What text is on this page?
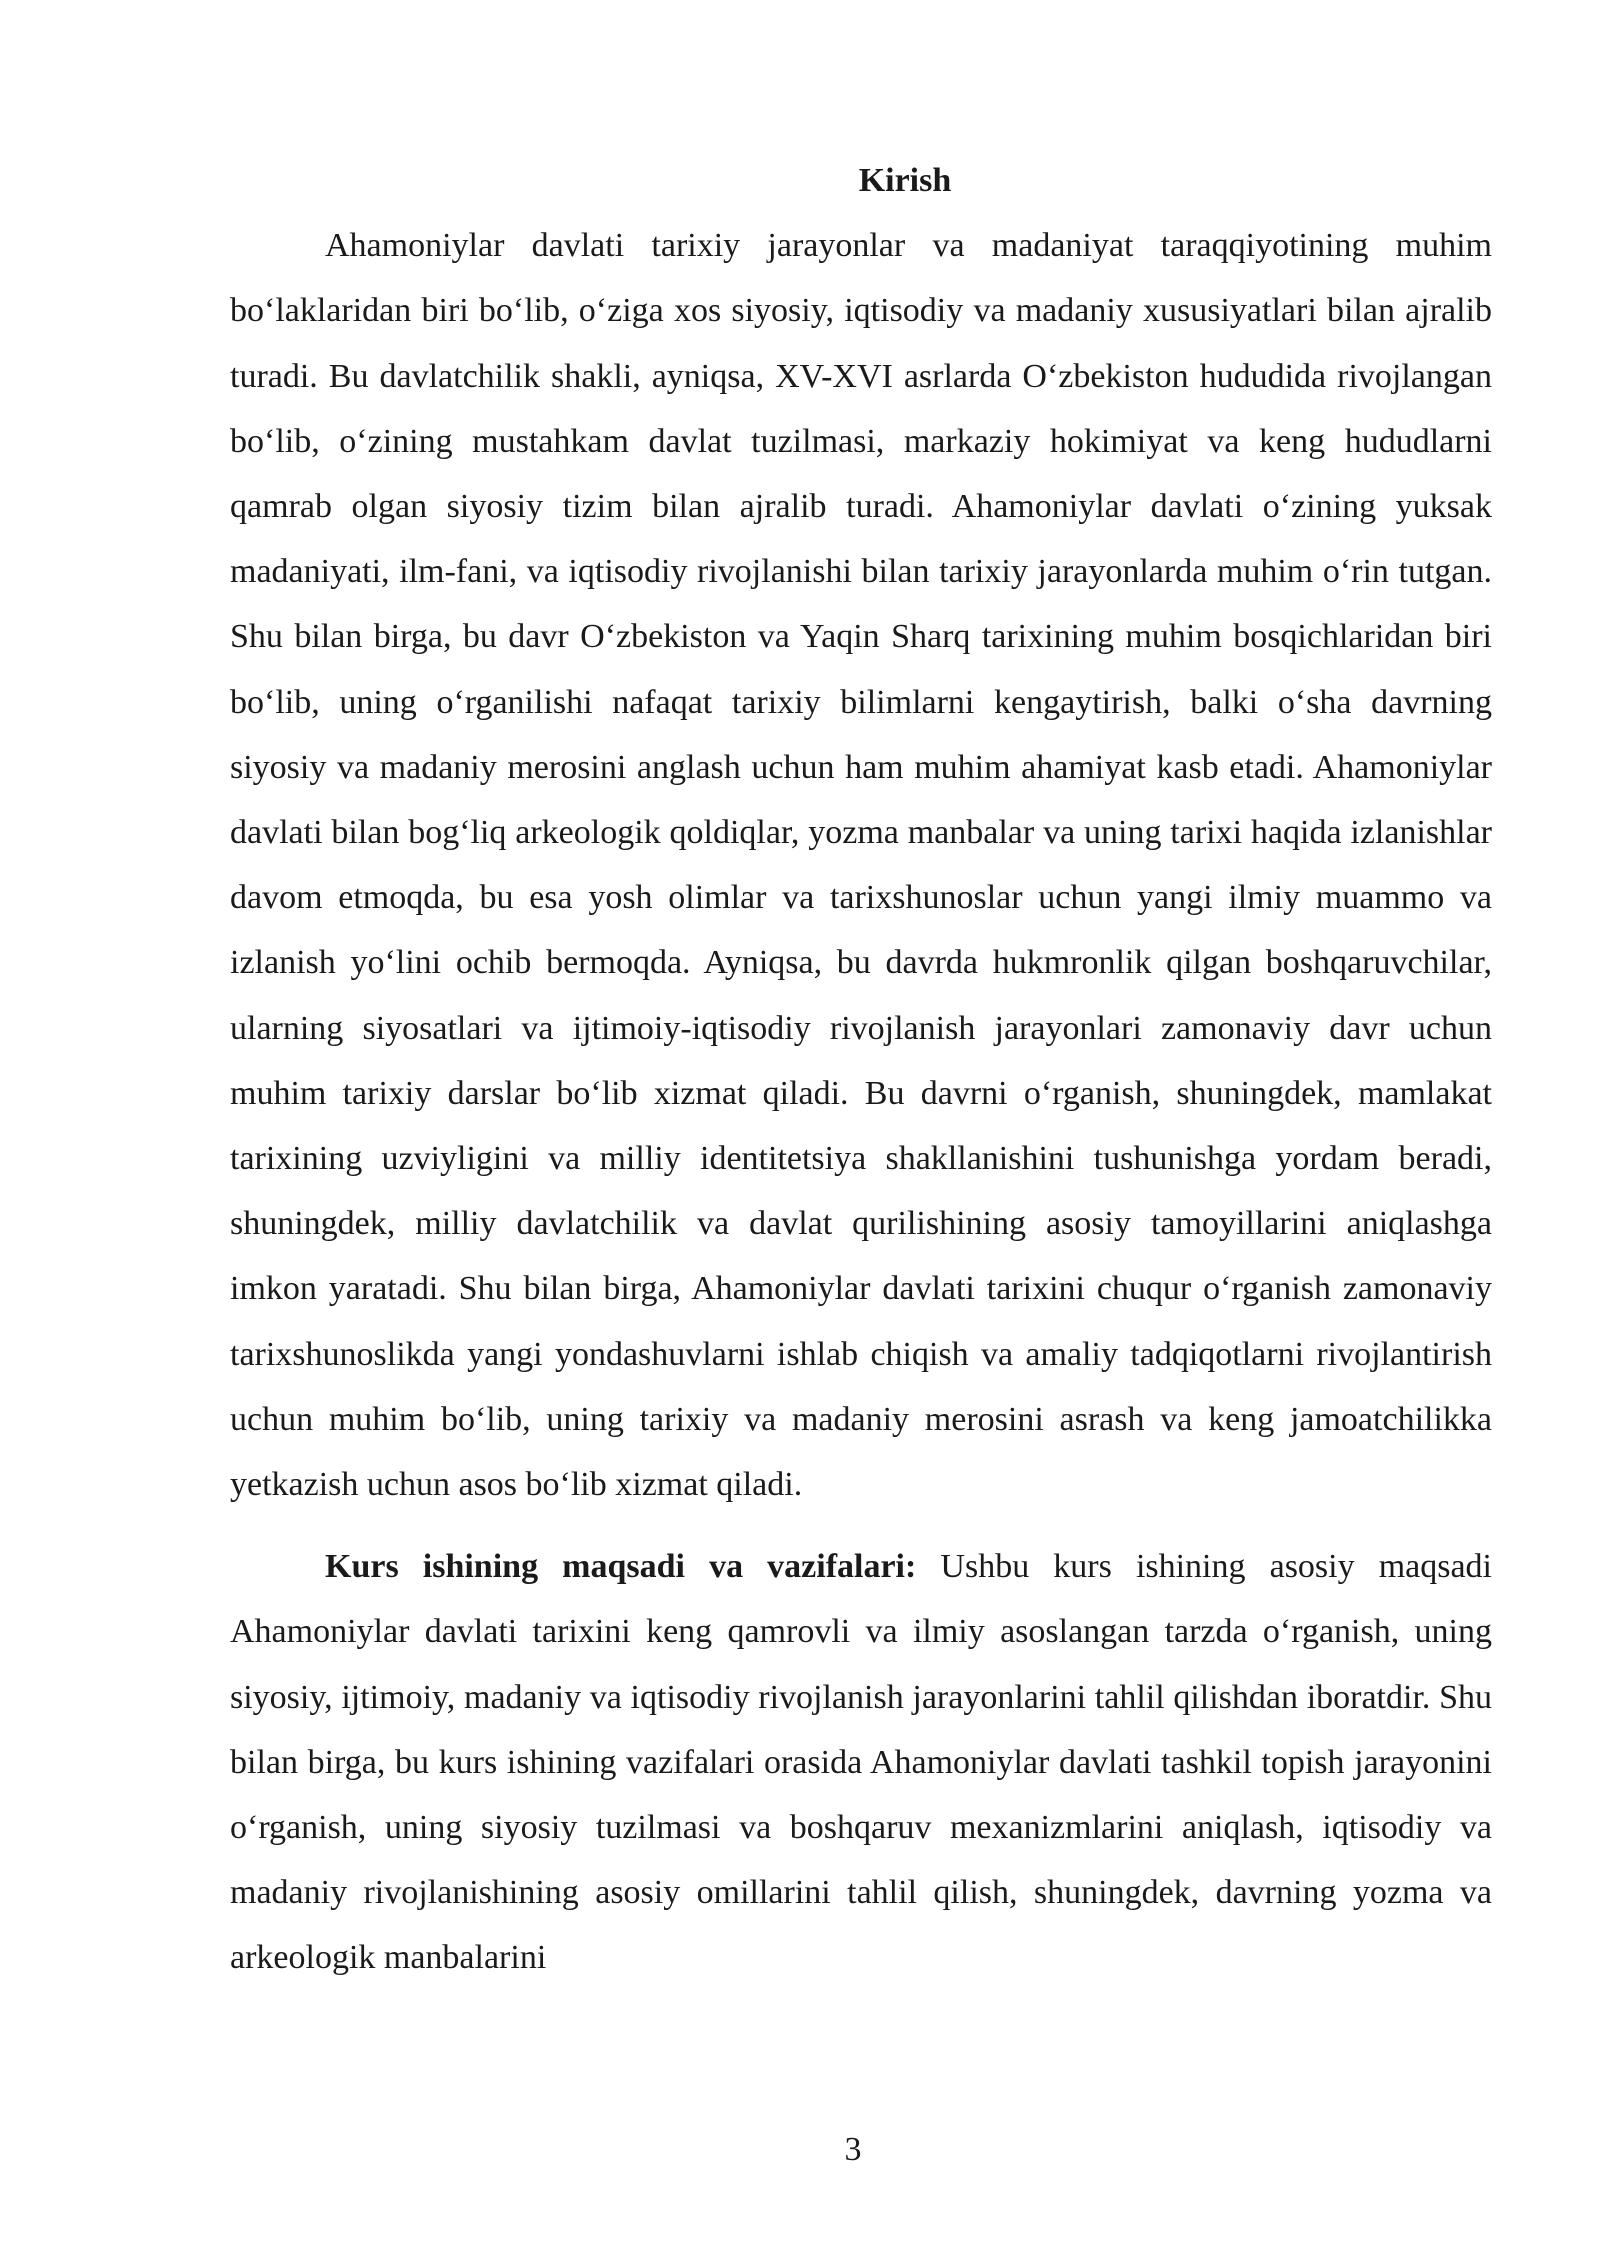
Kirish

Ahamoniylar davlati tarixiy jarayonlar va madaniyat taraqqiyotining muhim bo‘laklaridan biri bo‘lib, o‘ziga xos siyosiy, iqtisodiy va madaniy xususiyatlari bilan ajralib turadi. Bu davlatchilik shakli, ayniqsa, XV-XVI asrlarda O‘zbekiston hududida rivojlangan bo‘lib, o‘zining mustahkam davlat tuzilmasi, markaziy hokimiyat va keng hududlarni qamrab olgan siyosiy tizim bilan ajralib turadi. Ahamoniylar davlati o‘zining yuksak madaniyati, ilm-fani, va iqtisodiy rivojlanishi bilan tarixiy jarayonlarda muhim o‘rin tutgan. Shu bilan birga, bu davr O‘zbekiston va Yaqin Sharq tarixining muhim bosqichlaridan biri bo‘lib, uning o‘rganilishi nafaqat tarixiy bilimlarni kengaytirish, balki o‘sha davrning siyosiy va madaniy merosini anglash uchun ham muhim ahamiyat kasb etadi. Ahamoniylar davlati bilan bog‘liq arkeologik qoldiqlar, yozma manbalar va uning tarixi haqida izlanishlar davom etmoqda, bu esa yosh olimlar va tarixshunoslar uchun yangi ilmiy muammo va izlanish yo‘lini ochib bermoqda. Ayniqsa, bu davrda hukmronlik qilgan boshqaruvchilar, ularning siyosatlari va ijtimoiy-iqtisodiy rivojlanish jarayonlari zamonaviy davr uchun muhim tarixiy darslar bo‘lib xizmat qiladi. Bu davrni o‘rganish, shuningdek, mamlakat tarixining uzviyligini va milliy identitetsiya shakllanishini tushunishga yordam beradi, shuningdek, milliy davlatchilik va davlat qurilishining asosiy tamoyillarini aniqlashga imkon yaratadi. Shu bilan birga, Ahamoniylar davlati tarixini chuqur o‘rganish zamonaviy tarixshunoslikda yangi yondashuvlarni ishlab chiqish va amaliy tadqiqotlarni rivojlantirish uchun muhim bo‘lib, uning tarixiy va madaniy merosini asrash va keng jamoatchilikka yetkazish uchun asos bo‘lib xizmat qiladi.

Kurs ishining maqsadi va vazifalari: Ushbu kurs ishining asosiy maqsadi Ahamoniylar davlati tarixini keng qamrovli va ilmiy asoslangan tarzda o‘rganish, uning siyosiy, ijtimoiy, madaniy va iqtisodiy rivojlanish jarayonlarini tahlil qilishdan iboratdir. Shu bilan birga, bu kurs ishining vazifalari orasida Ahamoniylar davlati tashkil topish jarayonini o‘rganish, uning siyosiy tuzilmasi va boshqaruv mexanizmlarini aniqlash, iqtisodiy va madaniy rivojlanishining asosiy omillarini tahlil qilish, shuningdek, davrning yozma va arkeologik manbalarini

3
